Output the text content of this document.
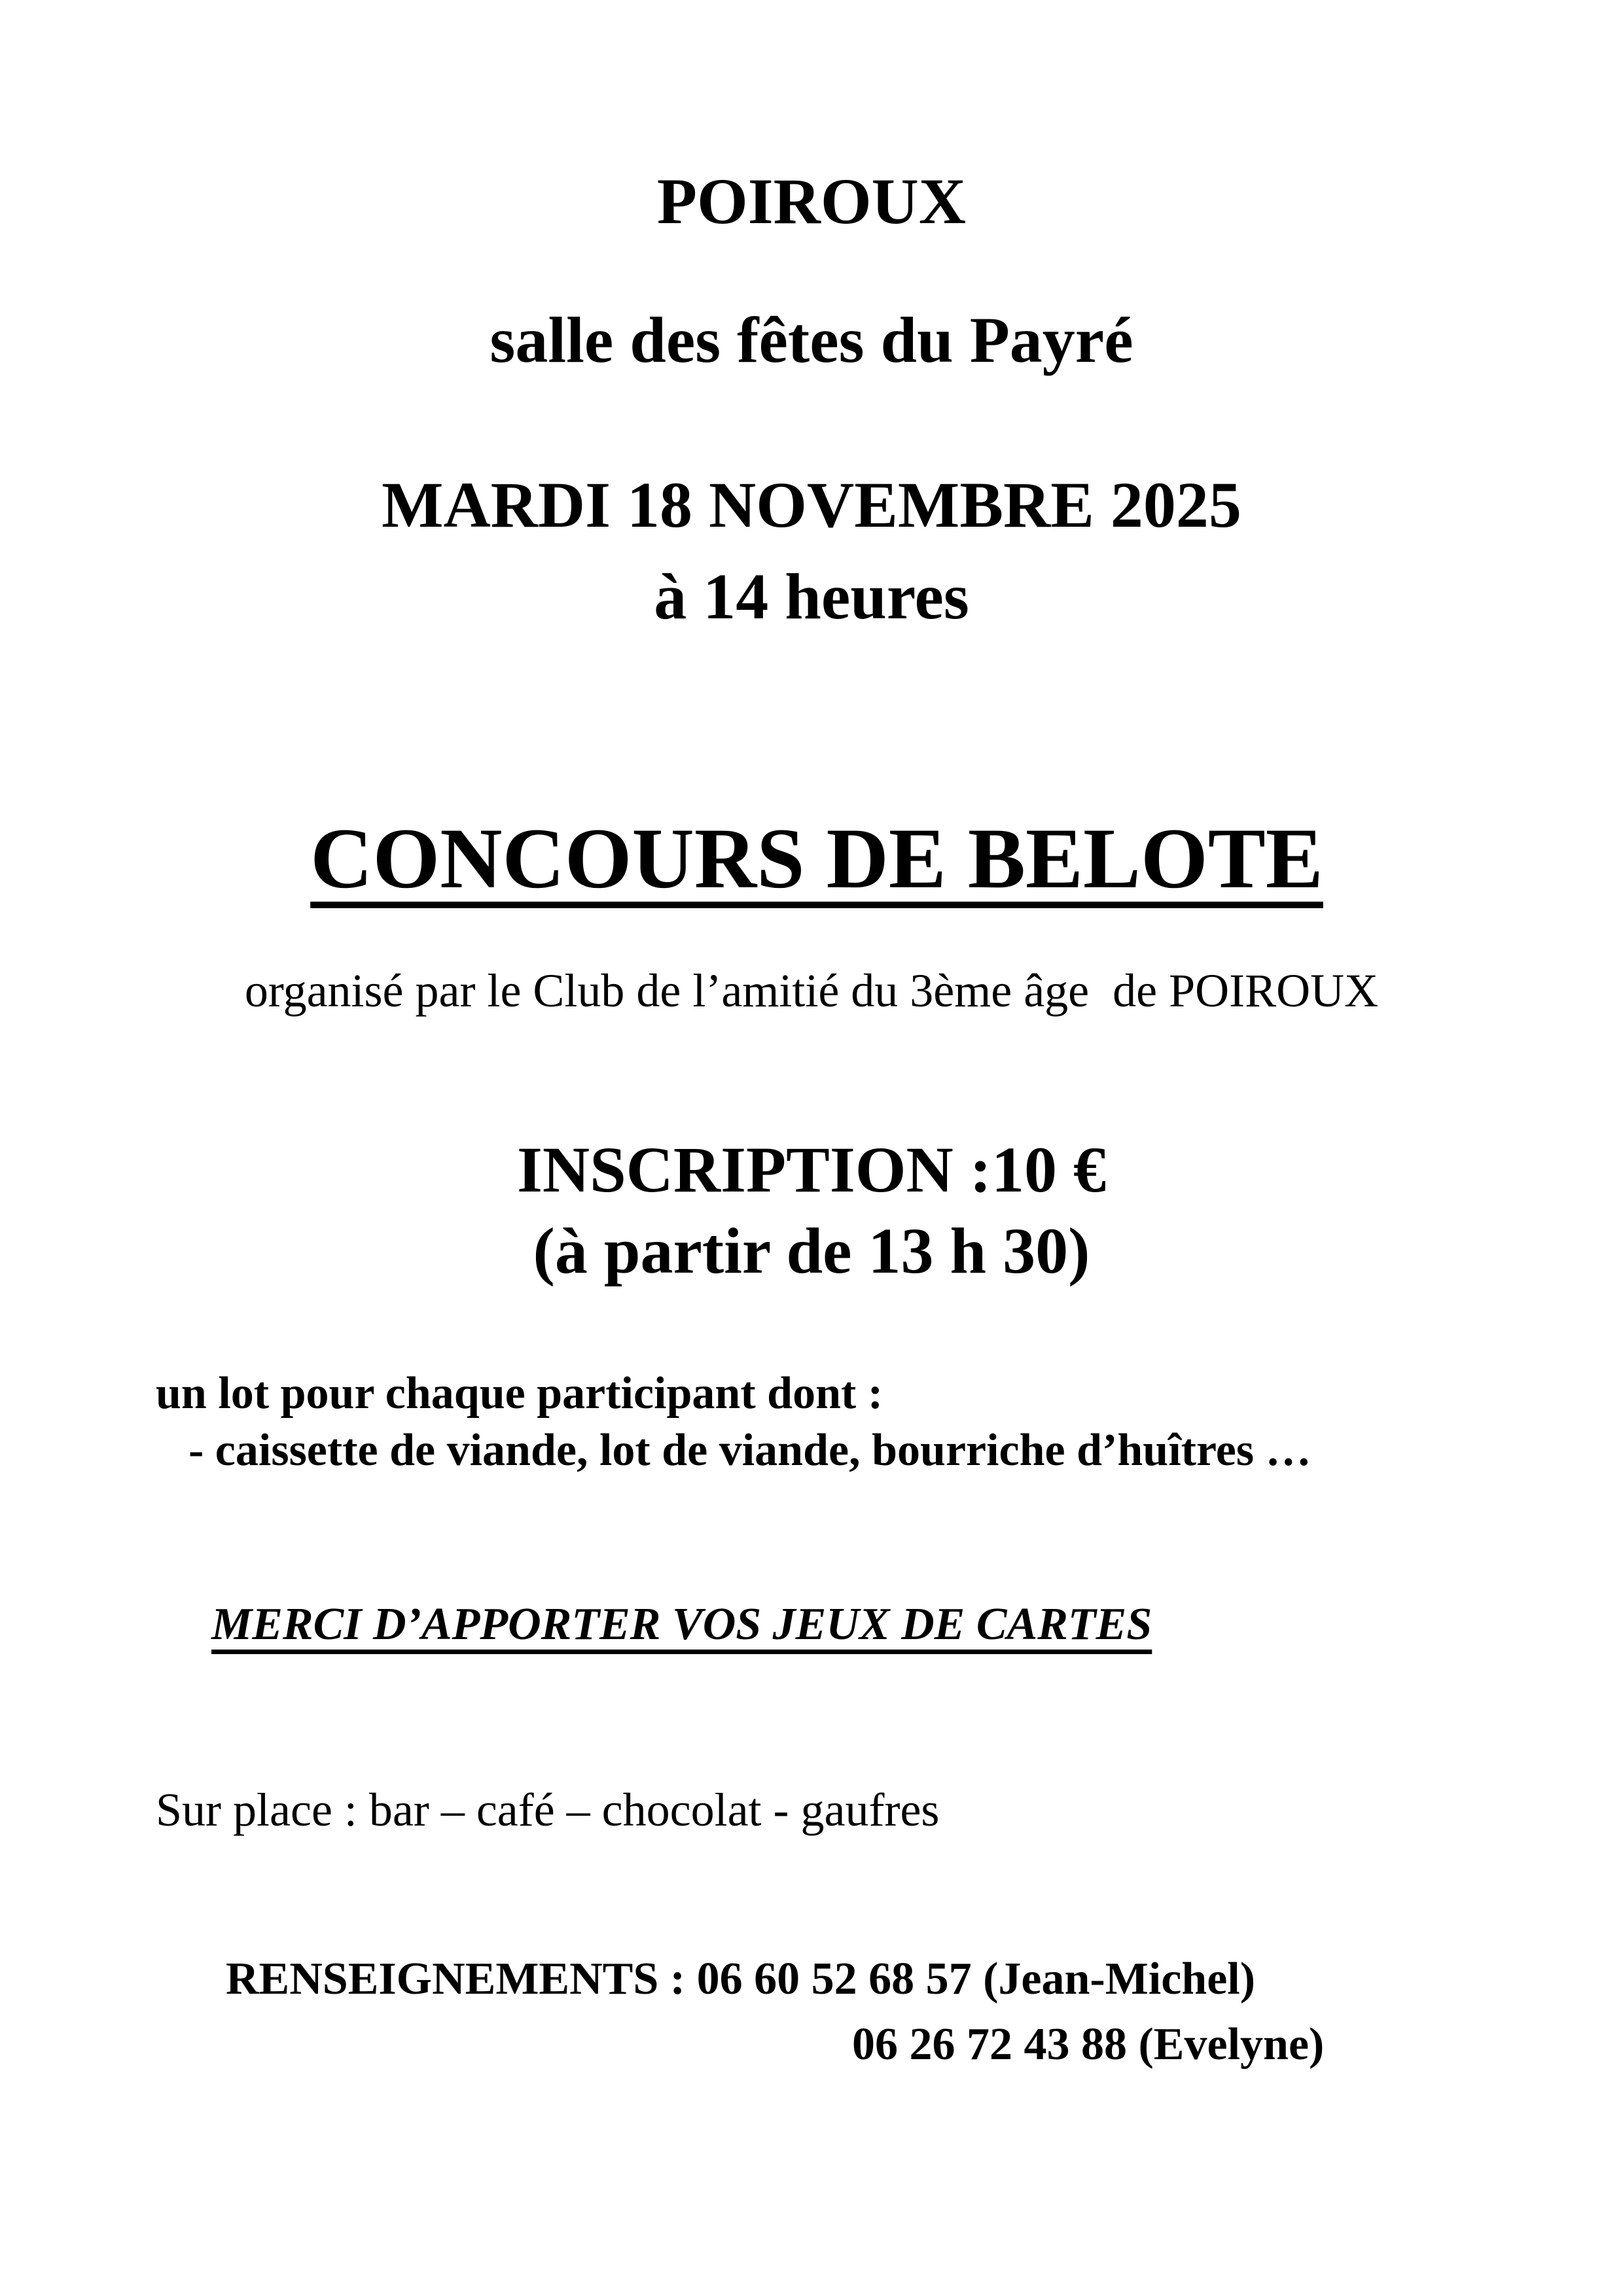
POIROUX
salle des fêtes du Payré
MARDI 18 NOVEMBRE 2025
à 14 heures

CONCOURS DE BELOTE

organisé par le Club de l’amitié du 3ème âge  de POIROUX
INSCRIPTION :10 €
(à partir de 13 h 30)
un lot pour chaque participant dont :
- caissette de viande, lot de viande, bourriche d’huîtres …

MERCI D’APPORTER VOS JEUX DE CARTES

Sur place : bar – café – chocolat - gaufres

RENSEIGNEMENTS : 06 60 52 68 57 (Jean-Michel)

06 26 72 43 88 (Evelyne)
